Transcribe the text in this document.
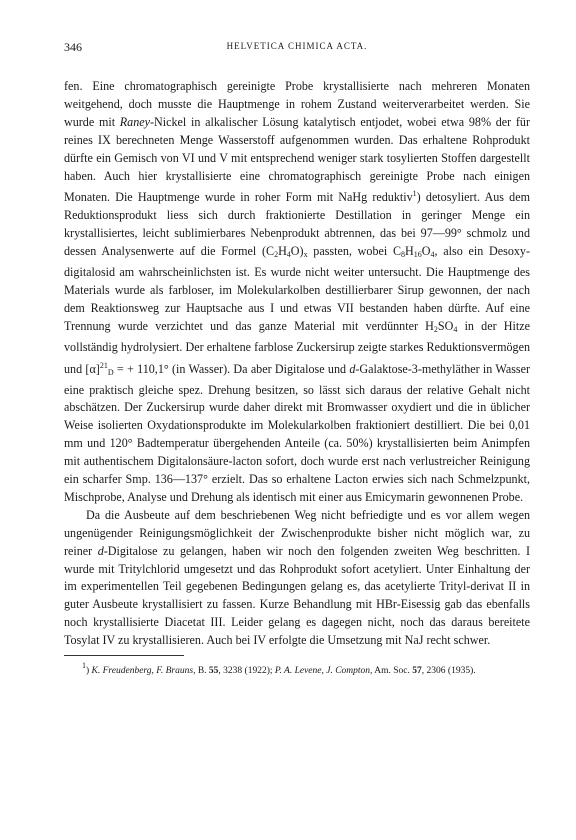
346	HELVETICA CHIMICA ACTA.

fen. Eine chromatographisch gereinigte Probe krystallisierte nach mehreren Monaten weitgehend, doch musste die Hauptmenge in rohem Zustand weiterverarbeitet werden. Sie wurde mit Raney-Nickel in alkalischer Lösung katalytisch entjodet, wobei etwa 98% der für reines IX berechneten Menge Wasserstoff aufgenommen wurden. Das erhaltene Rohprodukt dürfte ein Gemisch von VI und V mit entsprechend weniger stark tosylierten Stoffen dargestellt haben. Auch hier krystallisierte eine chromatographisch gereinigte Probe nach einigen Monaten. Die Hauptmenge wurde in roher Form mit NaHg reduktiv$^1$) detosyliert. Aus dem Reduktionsprodukt liess sich durch fraktionierte Destillation in geringer Menge ein krystallisiertes, leicht sublimierbares Nebenprodukt abtrennen, das bei 97—99° schmolz und dessen Analysenwerte auf die Formel $(C_2H_4O)_x$ passten, wobei $C_8H_{16}O_4$, also ein Desoxy-digitalosid am wahrscheinlichsten ist. Es wurde nicht weiter untersucht. Die Hauptmenge des Materials wurde als farbloser, im Molekularkolben destillierbarer Sirup gewonnen, der nach dem Reaktionsweg zur Hauptsache aus I und etwas VII bestanden haben dürfte. Auf eine Trennung wurde verzichtet und das ganze Material mit verdünnter $H_2SO_4$ in der Hitze vollständig hydrolysiert. Der erhaltene farblose Zuckersirup zeigte starkes Reduktionsvermögen und $[\alpha]^{21}_D$ = + 110,1° (in Wasser). Da aber Digitalose und d-Galaktose-3-methyläther in Wasser eine praktisch gleiche spez. Drehung besitzen, so lässt sich daraus der relative Gehalt nicht abschätzen. Der Zuckersirup wurde daher direkt mit Bromwasser oxydiert und die in üblicher Weise isolierten Oxydationsprodukte im Molekularkolben fraktioniert destilliert. Die bei 0,01 mm und 120° Badtemperatur übergehenden Anteile (ca. 50%) krystallisierten beim Animpfen mit authentischem Digitalonsäure-lacton sofort, doch wurde erst nach verlustreicher Reinigung ein scharfer Smp. 136—137° erzielt. Das so erhaltene Lacton erwies sich nach Schmelzpunkt, Mischprobe, Analyse und Drehung als identisch mit einer aus Emicymarin gewonnenen Probe.

Da die Ausbeute auf dem beschriebenen Weg nicht befriedigte und es vor allem wegen ungenügender Reinigungsmöglichkeit der Zwischenprodukte bisher nicht möglich war, zu reiner d-Digitalose zu gelangen, haben wir noch den folgenden zweiten Weg beschritten. I wurde mit Tritylchlorid umgesetzt und das Rohprodukt sofort acetyliert. Unter Einhaltung der im experimentellen Teil gegebenen Bedingungen gelang es, das acetylierte Trityl-derivat II in guter Ausbeute krystallisiert zu fassen. Kurze Behandlung mit HBr-Eisessig gab das ebenfalls noch krystallisierte Diacetat III. Leider gelang es dagegen nicht, noch das daraus bereitete Tosylat IV zu krystallisieren. Auch bei IV erfolgte die Umsetzung mit NaJ recht schwer.

$^1$) K. Freudenberg, F. Brauns, B. 55, 3238 (1922); P. A. Levene, J. Compton, Am. Soc. 57, 2306 (1935).
